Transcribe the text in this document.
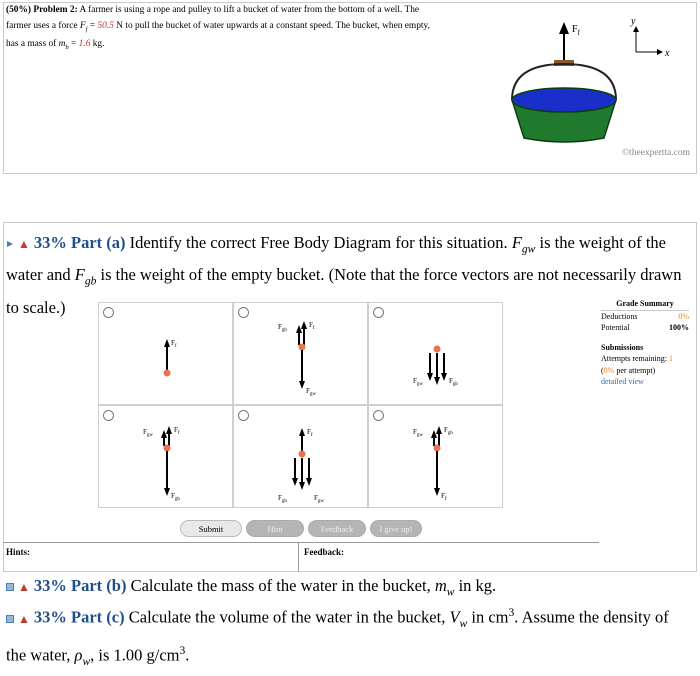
(50%) Problem 2: A farmer is using a rope and pulley to lift a bucket of water from the bottom of a well. The farmer uses a force $F_f = 50.5$ N to pull the bucket of water upwards at a constant speed. The bucket, when empty, has a mass of $m_b = 1.6$ kg.
$F_f$
y
x
©theexpertta.com
▲ 33% Part (a) Identify the correct Free Body Diagram for this situation. $F_{gw}$ is the weight of the water and $F_{gb}$ is the weight of the empty bucket. (Note that the force vectors are not necessarily drawn to scale.)
$F_f$
$F_{gb}$
$F_f$
$F_{gw}$
$F_{gw}$	$F_{gb}$
$F_{gw}$
$F_f$
$F_{gb}$
$F_f$
$F_{gb}$	$F_{gw}$
$F_{gw}$
$F_{gb}$
$F_f$
Grade Summary
Deductions	0%
Potential	100%
Submissions
Attempts remaining: 1
(0% per attempt)
detailed view
Submit	Hint	Feedback	I give up!
Hints:	Feedback:
▲ 33% Part (b) Calculate the mass of the water in the bucket, $m_w$ in kg.
▲ 33% Part (c) Calculate the volume of the water in the bucket, $V_w$ in $cm^3$. Assume the density of the water, $\rho_w$, is 1.00 $g/cm^3$.
